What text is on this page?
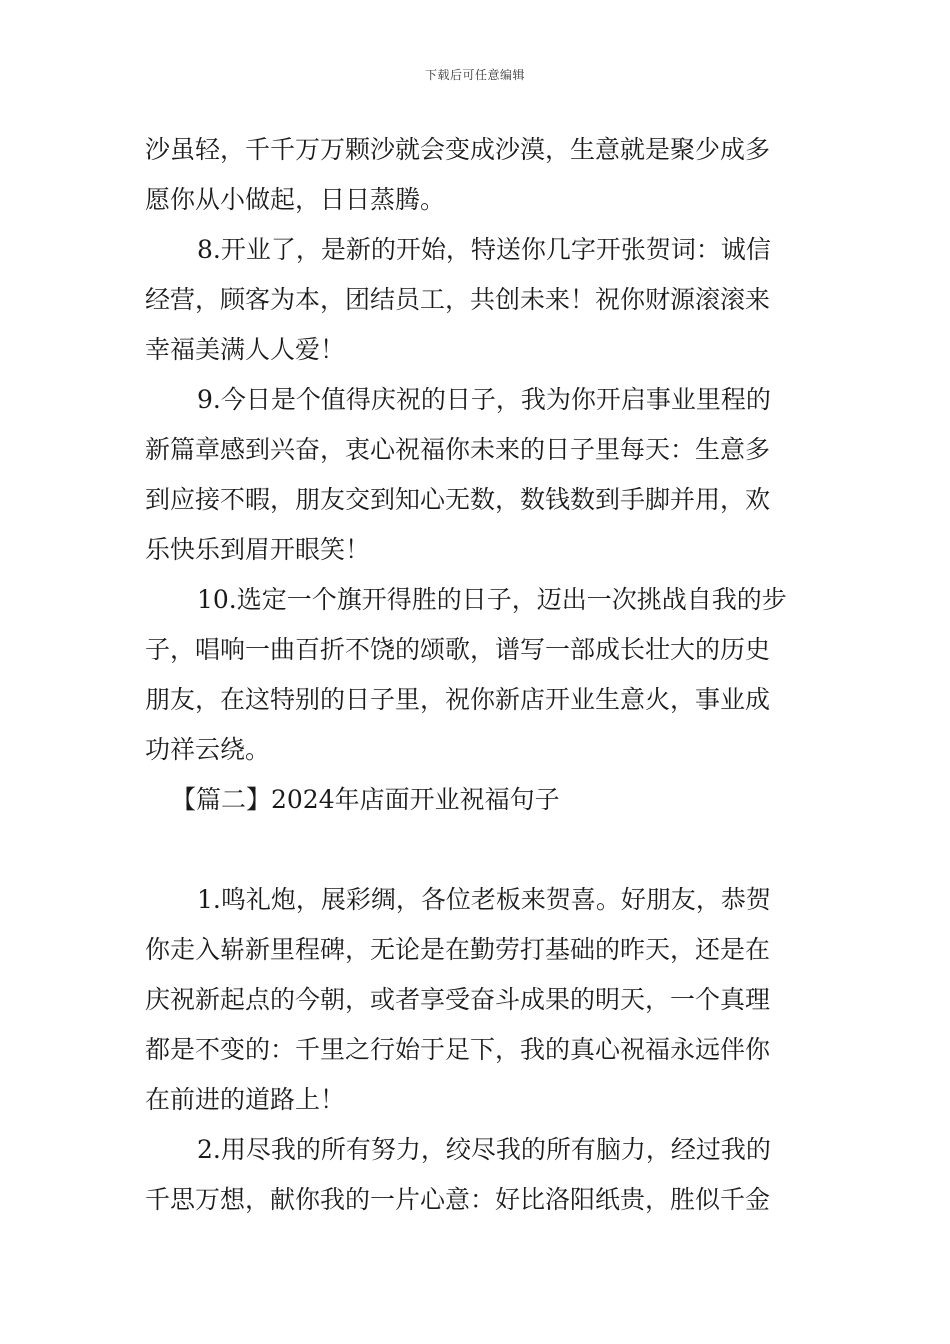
下载后可任意编辑
沙虽轻，千千万万颗沙就会变成沙漠，生意就是聚少成多
愿你从小做起，日日蒸腾。
8.开业了，是新的开始，特送你几字开张贺词：诚信
经营，顾客为本，团结员工，共创未来！祝你财源滚滚来
幸福美满人人爱！
9.今日是个值得庆祝的日子，我为你开启事业里程的
新篇章感到兴奋，衷心祝福你未来的日子里每天：生意多
到应接不暇，朋友交到知心无数，数钱数到手脚并用，欢
乐快乐到眉开眼笑！
10.选定一个旗开得胜的日子，迈出一次挑战自我的步
子，唱响一曲百折不饶的颂歌，谱写一部成长壮大的历史
朋友，在这特别的日子里，祝你新店开业生意火，事业成
功祥云绕。
【篇二】2024年店面开业祝福句子
1.鸣礼炮，展彩绸，各位老板来贺喜。好朋友，恭贺
你走入崭新里程碑，无论是在勤劳打基础的昨天，还是在
庆祝新起点的今朝，或者享受奋斗成果的明天，一个真理
都是不变的：千里之行始于足下，我的真心祝福永远伴你
在前进的道路上！
2.用尽我的所有努力，绞尽我的所有脑力，经过我的
千思万想，献你我的一片心意：好比洛阳纸贵，胜似千金
